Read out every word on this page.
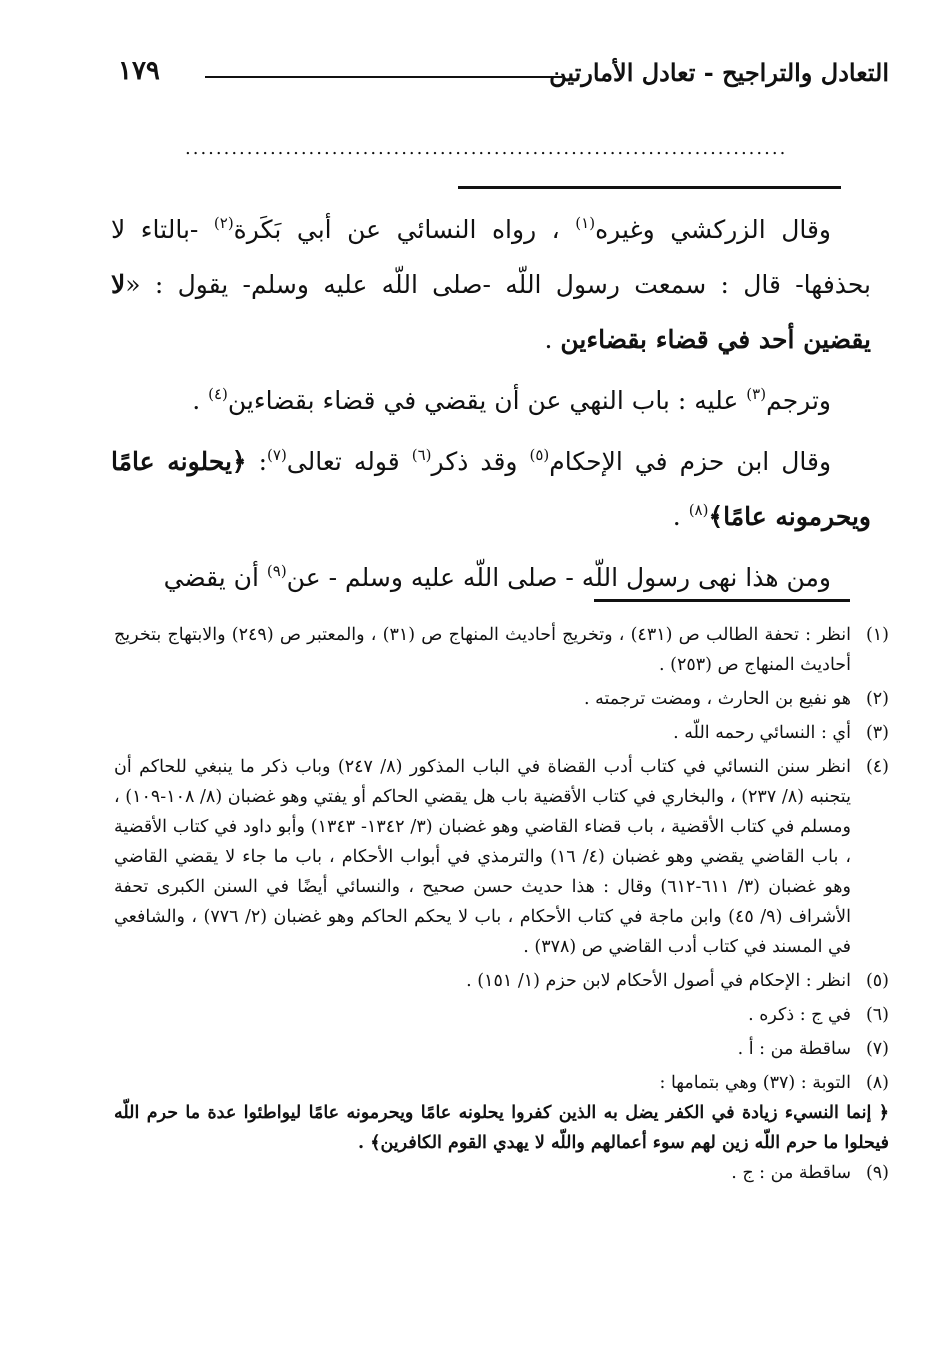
التعادل والتراجيح - تعادل الأمارتين
١٧٩
..............................................................................

وقال الزركشي وغيره$^{(١)}$ ، رواه النسائي عن أبي بَكَرة$^{(٢)}$ -بالتاء لا بحذفها- قال : سمعت رسول اللّه -صلى اللّه عليه وسلم- يقول : «لا يقضين أحد في قضاء بقضاءين .

وترجم$^{(٣)}$ عليه : باب النهي عن أن يقضي في قضاء بقضاءين$^{(٤)}$ .

وقال ابن حزم في الإحكام$^{(٥)}$ وقد ذكر$^{(٦)}$ قوله تعالى$^{(٧)}$: ﴿يحلونه عامًا ويحرمونه عامًا﴾$^{(٨)}$ .

ومن هذا نهى رسول اللّه - صلى اللّه عليه وسلم - عن$^{(٩)}$ أن يقضي

(١)
انظر : تحفة الطالب ص (٤٣١) ، وتخريج أحاديث المنهاج ص (٣١) ، والمعتبر ص (٢٤٩) والابتهاج بتخريج أحاديث المنهاج ص (٢٥٣) .
(٢)
هو نفيع بن الحارث ، ومضت ترجمته .
(٣)
أي : النسائي رحمه اللّه .
(٤)
انظر سنن النسائي في كتاب أدب القضاة في الباب المذكور (٨/ ٢٤٧) وباب ذكر ما ينبغي للحاكم أن يتجنبه (٨/ ٢٣٧) ، والبخاري في كتاب الأقضية باب هل يقضي الحاكم أو يفتي وهو غضبان (٨/ ١٠٨-١٠٩) ، ومسلم في كتاب الأقضية ، باب قضاء القاضي وهو غضبان (٣/ ١٣٤٢- ١٣٤٣) وأبو داود في كتاب الأقضية ، باب القاضي يقضي وهو غضبان (٤/ ١٦) والترمذي في أبواب الأحكام ، باب ما جاء لا يقضي القاضي وهو غضبان (٣/ ٦١١-٦١٢) وقال : هذا حديث حسن صحيح ، والنسائي أيضًا في السنن الكبرى تحفة الأشراف (٩/ ٤٥) وابن ماجة في كتاب الأحكام ، باب لا يحكم الحاكم وهو غضبان (٢/ ٧٧٦) ، والشافعي في المسند في كتاب أدب القاضي ص (٣٧٨) .
(٥)
انظر : الإحكام في أصول الأحكام لابن حزم (١/ ١٥١) .
(٦)
في ج : ذكره .
(٧)
ساقطة من : أ .
(٨)
التوبة : (٣٧) وهي بتمامها :

﴿ إنما النسيء زيادة في الكفر يضل به الذين كفروا يحلونه عامًا ويحرمونه عامًا ليواطئوا عدة ما حرم اللّه فيحلوا ما حرم اللّه زين لهم سوء أعمالهم واللّه لا يهدي القوم الكافرين﴾ .

(٩)
ساقطة من : ج .
